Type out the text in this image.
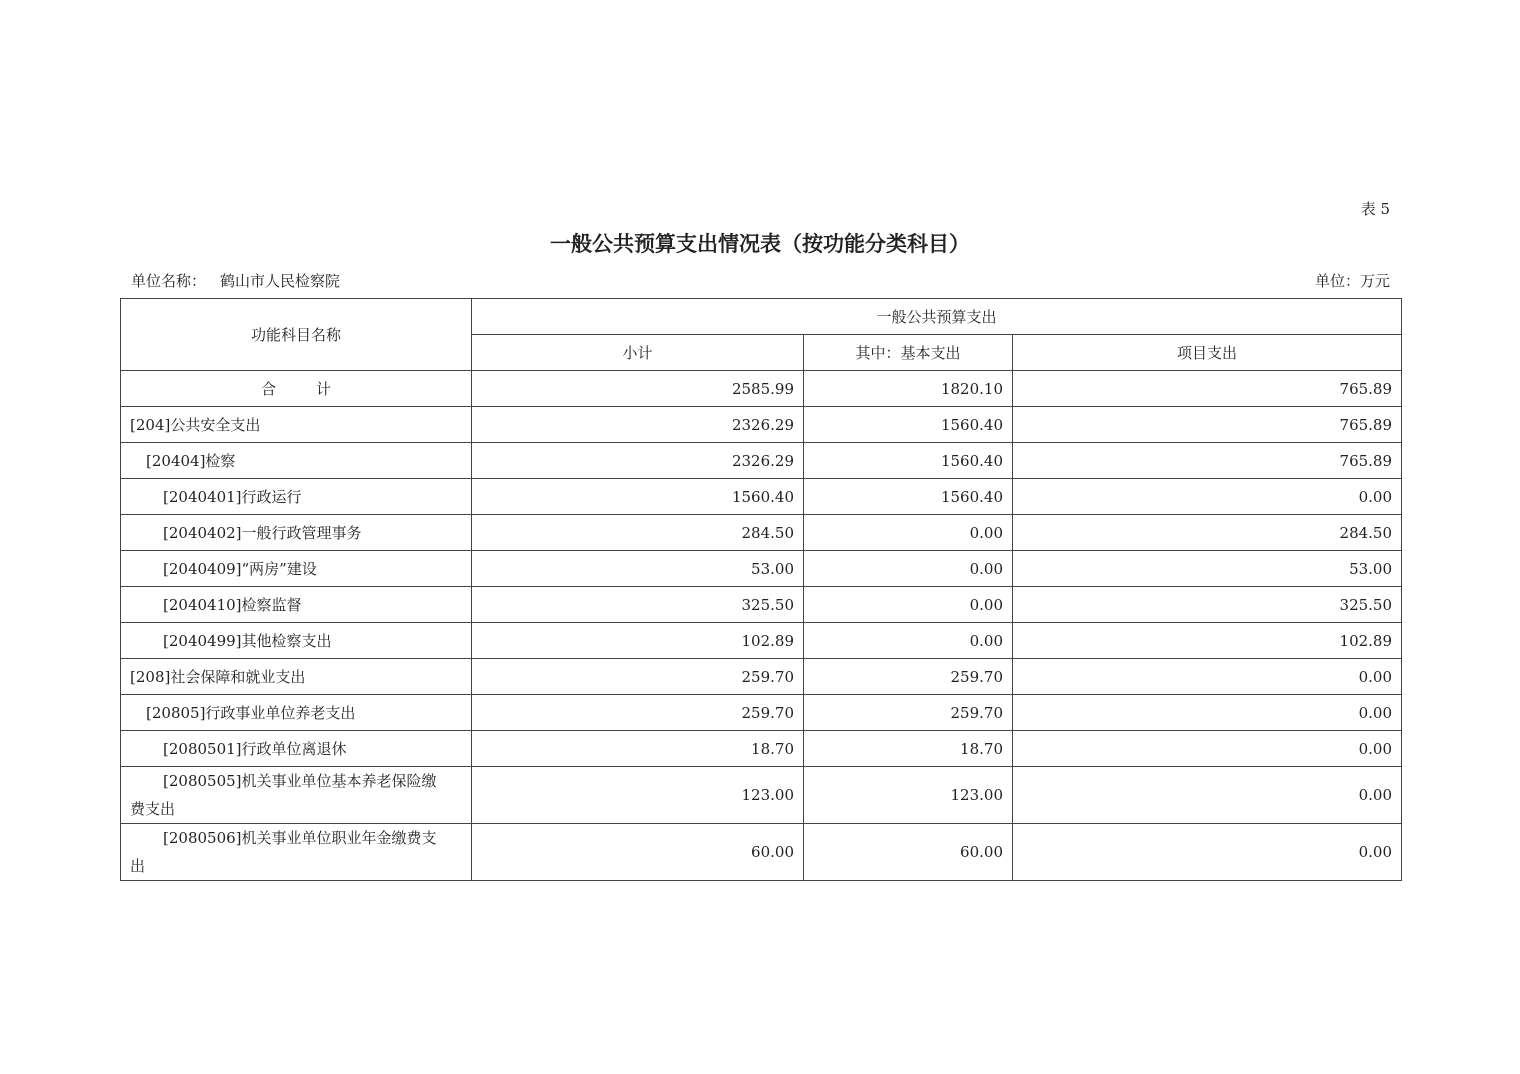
表 5
一般公共预算支出情况表（按功能分类科目）
单位名称： 鹤山市人民检察院	单位：万元
功能科目名称	一般公共预算支出		
	小计	其中：基本支出	项目支出
合 计	2585.99	1820.10	765.89
[204]公共安全支出	2326.29	1560.40	765.89
[20404]检察	2326.29	1560.40	765.89
[2040401]行政运行	1560.40	1560.40	0.00
[2040402]一般行政管理事务	284.50	0.00	284.50
[2040409]“两房”建设	53.00	0.00	53.00
[2040410]检察监督	325.50	0.00	325.50
[2040499]其他检察支出	102.89	0.00	102.89
[208]社会保障和就业支出	259.70	259.70	0.00
[20805]行政事业单位养老支出	259.70	259.70	0.00
[2080501]行政单位离退休	18.70	18.70	0.00
[2080505]机关事业单位基本养老保险缴
费支出	123.00	123.00	0.00
[2080506]机关事业单位职业年金缴费支
出	60.00	60.00	0.00
